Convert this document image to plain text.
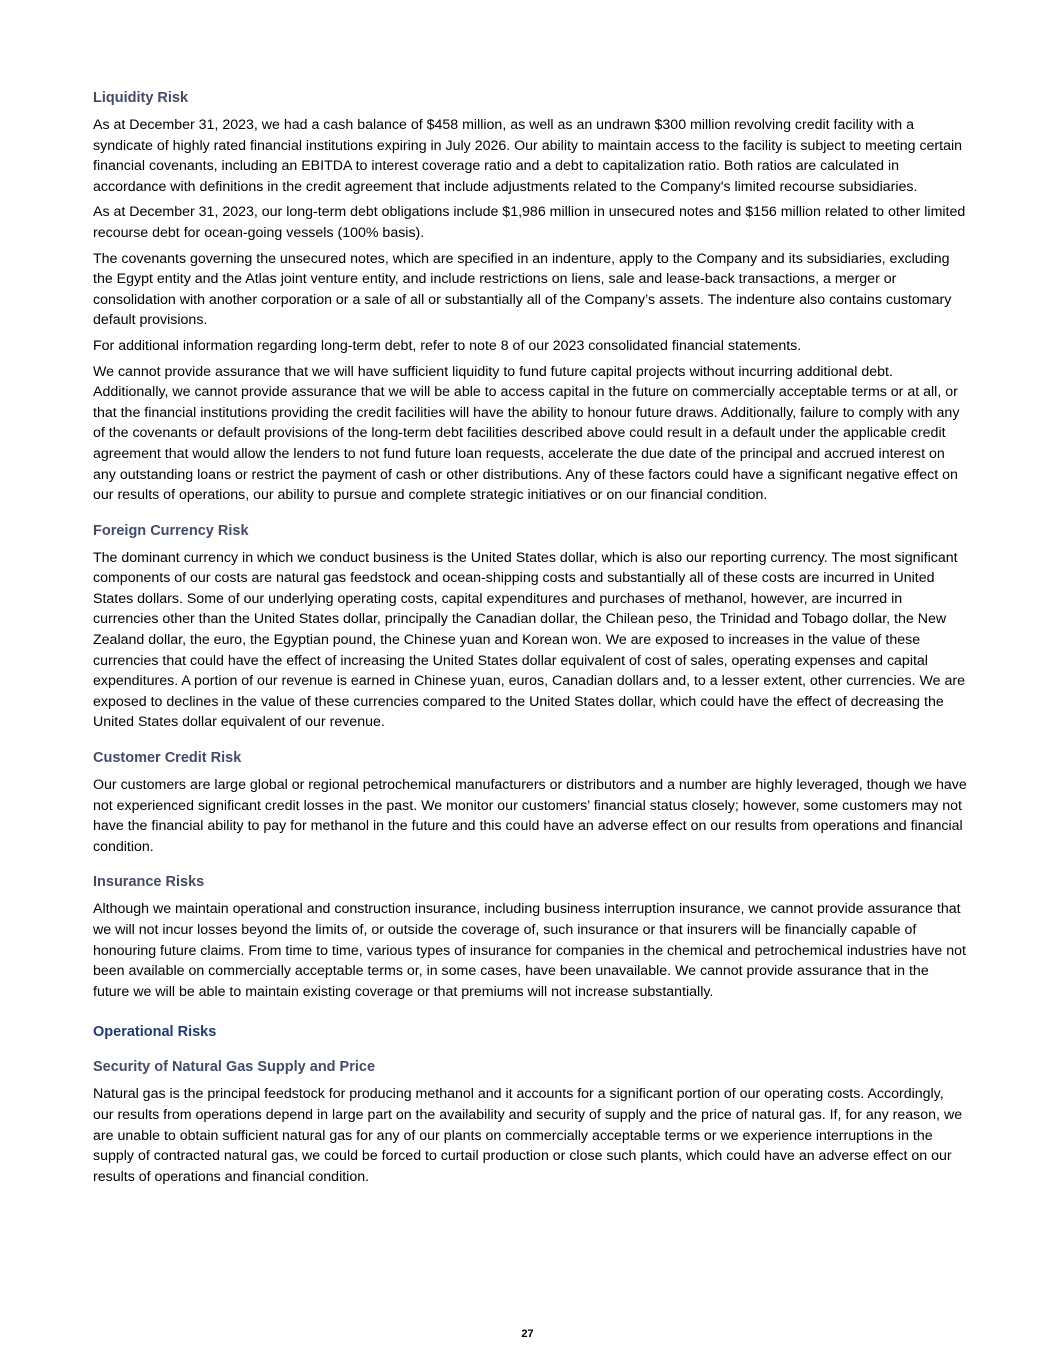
Liquidity Risk

As at December 31, 2023, we had a cash balance of $458 million, as well as an undrawn $300 million revolving credit facility with a syndicate of highly rated financial institutions expiring in July 2026. Our ability to maintain access to the facility is subject to meeting certain financial covenants, including an EBITDA to interest coverage ratio and a debt to capitalization ratio. Both ratios are calculated in accordance with definitions in the credit agreement that include adjustments related to the Company's limited recourse subsidiaries.

As at December 31, 2023, our long-term debt obligations include $1,986 million in unsecured notes and $156 million related to other limited recourse debt for ocean-going vessels (100% basis).

The covenants governing the unsecured notes, which are specified in an indenture, apply to the Company and its subsidiaries, excluding the Egypt entity and the Atlas joint venture entity, and include restrictions on liens, sale and lease-back transactions, a merger or consolidation with another corporation or a sale of all or substantially all of the Company’s assets. The indenture also contains customary default provisions.

For additional information regarding long-term debt, refer to note 8 of our 2023 consolidated financial statements.

We cannot provide assurance that we will have sufficient liquidity to fund future capital projects without incurring additional debt. Additionally, we cannot provide assurance that we will be able to access capital in the future on commercially acceptable terms or at all, or that the financial institutions providing the credit facilities will have the ability to honour future draws. Additionally, failure to comply with any of the covenants or default provisions of the long-term debt facilities described above could result in a default under the applicable credit agreement that would allow the lenders to not fund future loan requests, accelerate the due date of the principal and accrued interest on any outstanding loans or restrict the payment of cash or other distributions. Any of these factors could have a significant negative effect on our results of operations, our ability to pursue and complete strategic initiatives or on our financial condition.

Foreign Currency Risk

The dominant currency in which we conduct business is the United States dollar, which is also our reporting currency. The most significant components of our costs are natural gas feedstock and ocean-shipping costs and substantially all of these costs are incurred in United States dollars. Some of our underlying operating costs, capital expenditures and purchases of methanol, however, are incurred in currencies other than the United States dollar, principally the Canadian dollar, the Chilean peso, the Trinidad and Tobago dollar, the New Zealand dollar, the euro, the Egyptian pound, the Chinese yuan and Korean won. We are exposed to increases in the value of these currencies that could have the effect of increasing the United States dollar equivalent of cost of sales, operating expenses and capital expenditures. A portion of our revenue is earned in Chinese yuan, euros, Canadian dollars and, to a lesser extent, other currencies. We are exposed to declines in the value of these currencies compared to the United States dollar, which could have the effect of decreasing the United States dollar equivalent of our revenue.

Customer Credit Risk

Our customers are large global or regional petrochemical manufacturers or distributors and a number are highly leveraged, though we have not experienced significant credit losses in the past. We monitor our customers’ financial status closely; however, some customers may not have the financial ability to pay for methanol in the future and this could have an adverse effect on our results from operations and financial condition.

Insurance Risks

Although we maintain operational and construction insurance, including business interruption insurance, we cannot provide assurance that we will not incur losses beyond the limits of, or outside the coverage of, such insurance or that insurers will be financially capable of honouring future claims. From time to time, various types of insurance for companies in the chemical and petrochemical industries have not been available on commercially acceptable terms or, in some cases, have been unavailable. We cannot provide assurance that in the future we will be able to maintain existing coverage or that premiums will not increase substantially.

Operational Risks
Security of Natural Gas Supply and Price

Natural gas is the principal feedstock for producing methanol and it accounts for a significant portion of our operating costs. Accordingly, our results from operations depend in large part on the availability and security of supply and the price of natural gas. If, for any reason, we are unable to obtain sufficient natural gas for any of our plants on commercially acceptable terms or we experience interruptions in the supply of contracted natural gas, we could be forced to curtail production or close such plants, which could have an adverse effect on our results of operations and financial condition.

27
